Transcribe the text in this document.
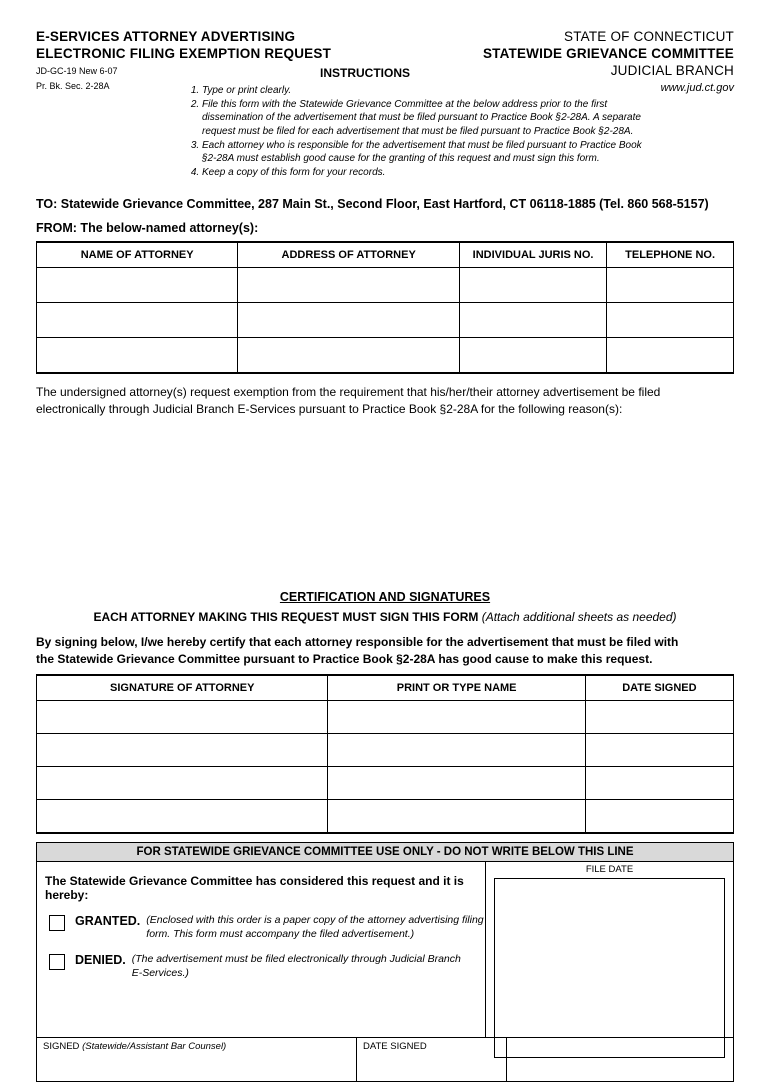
E-SERVICES ATTORNEY ADVERTISING
ELECTRONIC FILING EXEMPTION REQUEST
JD-GC-19 New 6-07
Pr. Bk. Sec. 2-28A
STATE OF CONNECTICUT
STATEWIDE GRIEVANCE COMMITTEE
JUDICIAL BRANCH
www.jud.ct.gov
INSTRUCTIONS
1. Type or print clearly.
2. File this form with the Statewide Grievance Committee at the below address prior to the first dissemination of the advertisement that must be filed pursuant to Practice Book §2-28A. A separate request must be filed for each advertisement that must be filed pursuant to Practice Book §2-28A.
3. Each attorney who is responsible for the advertisement that must be filed pursuant to Practice Book §2-28A must establish good cause for the granting of this request and must sign this form.
4. Keep a copy of this form for your records.
TO: Statewide Grievance Committee, 287 Main St., Second Floor, East Hartford, CT 06118-1885 (Tel. 860 568-5157)
FROM: The below-named attorney(s):
NAME OF ATTORNEY	ADDRESS OF ATTORNEY	INDIVIDUAL JURIS NO.	TELEPHONE NO.

The undersigned attorney(s) request exemption from the requirement that his/her/their attorney advertisement be filed
electronically through Judicial Branch E-Services pursuant to Practice Book §2-28A for the following reason(s):
CERTIFICATION AND SIGNATURES
EACH ATTORNEY MAKING THIS REQUEST MUST SIGN THIS FORM (Attach additional sheets as needed)
By signing below, I/we hereby certify that each attorney responsible for the advertisement that must be filed with
the Statewide Grievance Committee pursuant to Practice Book §2-28A has good cause to make this request.
SIGNATURE OF ATTORNEY	PRINT OR TYPE NAME	DATE SIGNED

FOR STATEWIDE GRIEVANCE COMMITTEE USE ONLY - DO NOT WRITE BELOW THIS LINE
The Statewide Grievance Committee has considered this request and it is hereby:
GRANTED. (Enclosed with this order is a paper copy of the attorney advertising filing form. This form must accompany the filed advertisement.)
DENIED. (The advertisement must be filed electronically through Judicial Branch E-Services.)
FILE DATE
SIGNED (Statewide/Assistant Bar Counsel)	DATE SIGNED
